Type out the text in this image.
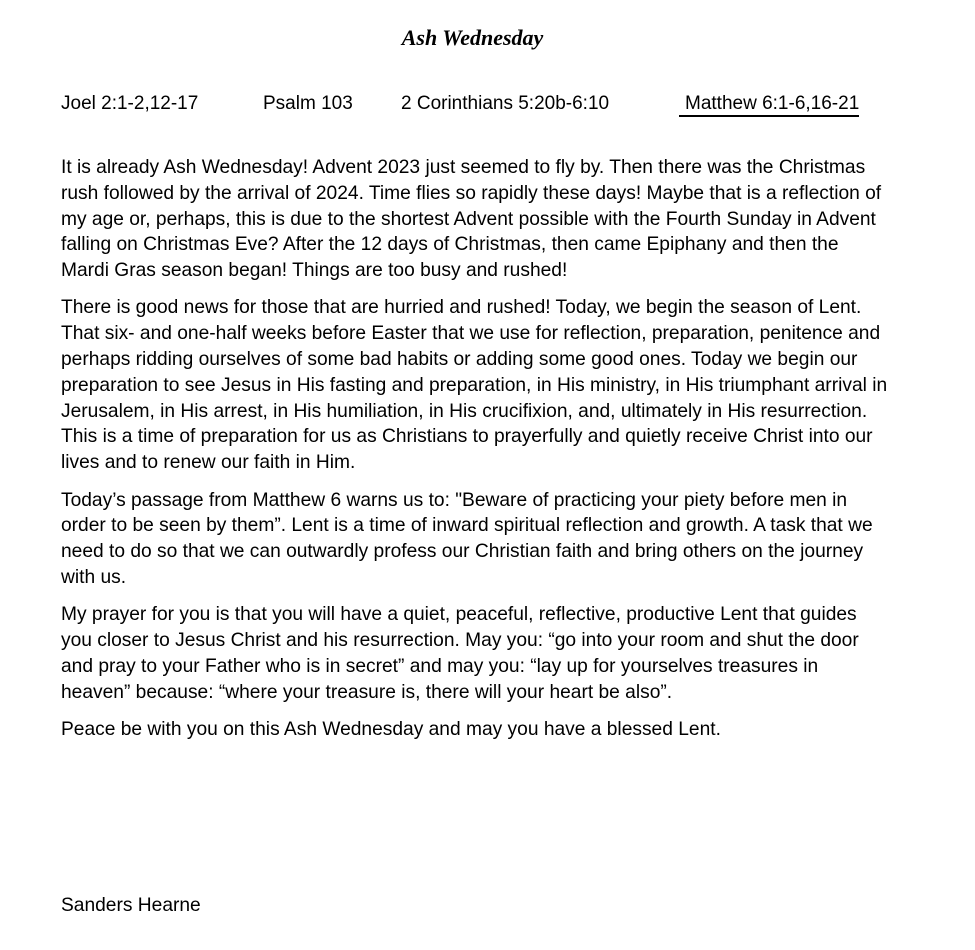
Ash Wednesday
Joel 2:1-2,12-17	Psalm 103	2 Corinthians 5:20b-6:10	Matthew 6:1-6,16-21

It is already Ash Wednesday! Advent 2023 just seemed to fly by. Then there was the Christmas rush followed by the arrival of 2024. Time flies so rapidly these days! Maybe that is a reflection of my age or, perhaps, this is due to the shortest Advent possible with the Fourth Sunday in Advent falling on Christmas Eve? After the 12 days of Christmas, then came Epiphany and then the Mardi Gras season began! Things are too busy and rushed!

There is good news for those that are hurried and rushed! Today, we begin the season of Lent. That six- and one-half weeks before Easter that we use for reflection, preparation, penitence and perhaps ridding ourselves of some bad habits or adding some good ones. Today we begin our preparation to see Jesus in His fasting and preparation, in His ministry, in His triumphant arrival in Jerusalem, in His arrest, in His humiliation, in His crucifixion, and, ultimately in His resurrection. This is a time of preparation for us as Christians to prayerfully and quietly receive Christ into our lives and to renew our faith in Him.

Today’s passage from Matthew 6 warns us to: "Beware of practicing your piety before men in order to be seen by them”. Lent is a time of inward spiritual reflection and growth. A task that we need to do so that we can outwardly profess our Christian faith and bring others on the journey with us.

My prayer for you is that you will have a quiet, peaceful, reflective, productive Lent that guides you closer to Jesus Christ and his resurrection. May you: “go into your room and shut the door and pray to your Father who is in secret” and may you: “lay up for yourselves treasures in heaven” because: “where your treasure is, there will your heart be also”.

Peace be with you on this Ash Wednesday and may you have a blessed Lent.

Sanders Hearne
